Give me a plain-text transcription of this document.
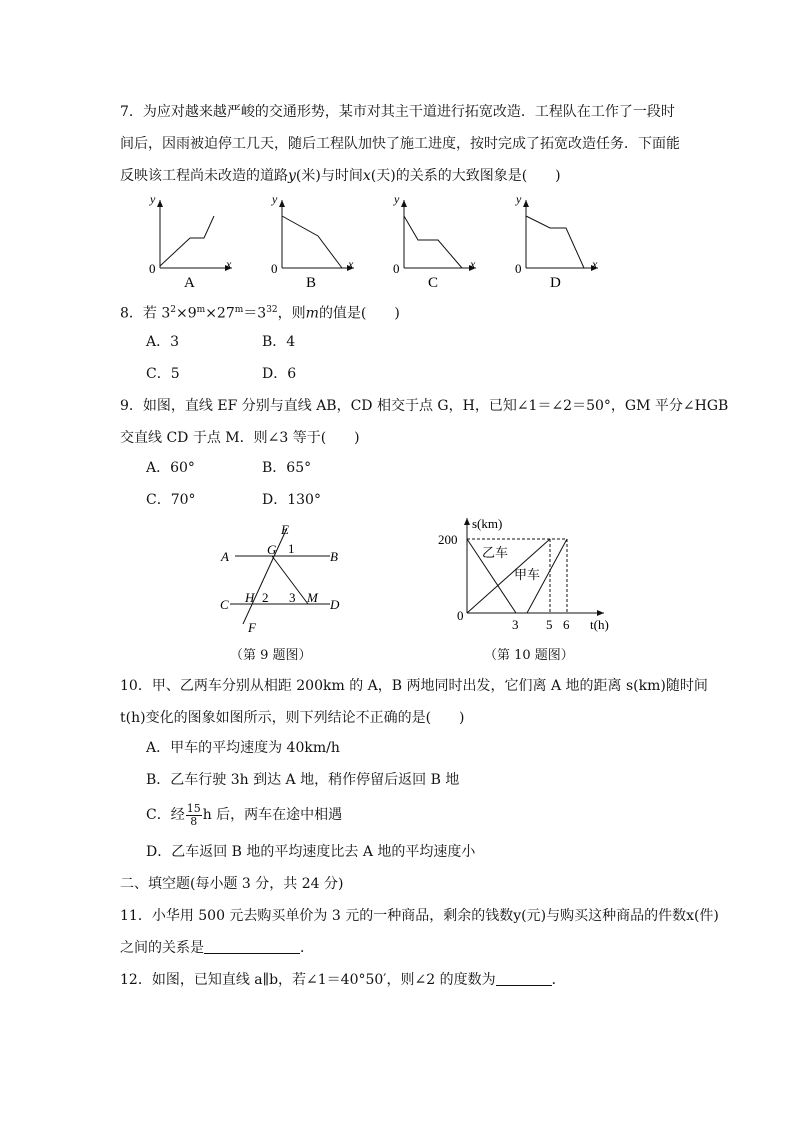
7．为应对越来越严峻的交通形势，某市对其主干道进行拓宽改造．工程队在工作了一段时
间后，因雨被迫停工几天，随后工程队加快了施工进度，按时完成了拓宽改造任务．下面能
反映该工程尚未改造的道路y(米)与时间x(天)的关系的大致图象是(　　)
y
x
0
A
y
x
0
B
y
x
0
C
y
x
0
D
8．若 $3^2\times 9^m\times 27^m=3^{32}$，则m的值是(　　)
A．3	B．4
C．5	D．6
9．如图，直线 EF 分别与直线 AB，CD 相交于点 G，H，已知∠1＝∠2＝50°，GM 平分∠HGB
交直线 CD 于点 M．则∠3 等于(　　)
A．60°	B．65°
C．70°	D．130°
E
A	G 1
B
H 2 3 M
C	D
F
（第 9 题图）
s(km)
200
乙车
甲车
0
3 5 6 t(h)
（第 10 题图）
10．甲、乙两车分别从相距 200km 的 A，B 两地同时出发，它们离 A 地的距离 s(km)随时间
t(h)变化的图象如图所示，则下列结论不正确的是(　　)
A．甲车的平均速度为 40km/h
B．乙车行驶 3h 到达 A 地，稍作停留后返回 B 地
C．经 $\frac{15}{8}$ h 后，两车在途中相遇
D．乙车返回 B 地的平均速度比去 A 地的平均速度小
二、填空题(每小题 3 分，共 24 分)
11．小华用 500 元去购买单价为 3 元的一种商品，剩余的钱数y(元)与购买这种商品的件数x(件)
之间的关系是	．
12．如图，已知直线 a∥b，若∠1＝40°50′，则∠2 的度数为	．
